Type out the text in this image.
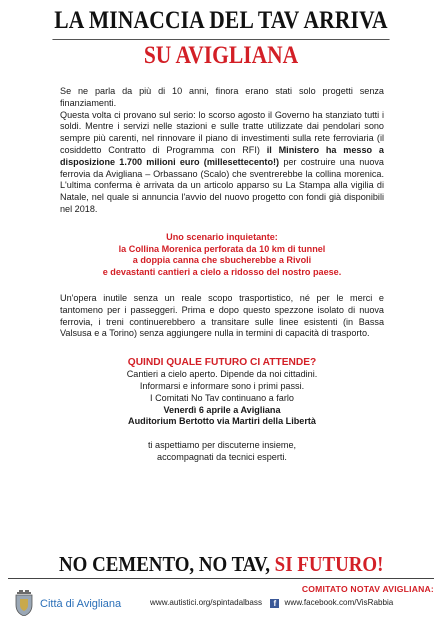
LA MINACCIA DEL TAV ARRIVA
SU AVIGLIANA

Se ne parla da più di 10 anni, finora erano stati solo progetti senza finanziamenti.

Questa volta ci provano sul serio: lo scorso agosto il Governo ha stanziato tutti i soldi. Mentre i servizi nelle stazioni e sulle tratte utilizzate dai pendolari sono sempre più carenti, nel rinnovare il piano di investimenti sulla rete ferroviaria (il cosiddetto Contratto di Programma con RFI) il Ministero ha messo a disposizione 1.700 milioni euro (millesettecento!) per costruire una nuova ferrovia da Avigliana – Orbassano (Scalo) che sventrerebbe la collina morenica. L'ultima conferma è arrivata da un articolo apparso su La Stampa alla vigilia di Natale, nel quale si annuncia l'avvio del nuovo progetto con fondi già disponibili nel 2018.

Uno scenario inquietante:
la Collina Morenica perforata da 10 km di tunnel
a doppia canna che sbucherebbe a Rivoli
e devastanti cantieri a cielo a ridosso del nostro paese.

Un'opera inutile senza un reale scopo trasportistico, né per le merci e tantomeno per i passeggeri. Prima e dopo questo spezzone isolato di nuova ferrovia, i treni continuerebbero a transitare sulle linee esistenti (in Bassa Valsusa e a Torino) senza aggiungere nulla in termini di capacità di trasporto.

QUINDI QUALE FUTURO CI ATTENDE?
Cantieri a cielo aperto. Dipende da noi cittadini.
Informarsi e informare sono i primi passi.
I Comitati No Tav continuano a farlo
Venerdì 6 aprile a Avigliana
Auditorium Bertotto via Martiri della Libertà
ti aspettiamo per discuterne insieme,
accompagnati da tecnici esperti.
NO CEMENTO, NO TAV, SI FUTURO!
Città di Avigliana
COMITATO NOTAV AVIGLIANA:
www.autistici.org/spintadalbass f www.facebook.com/VisRabbia
